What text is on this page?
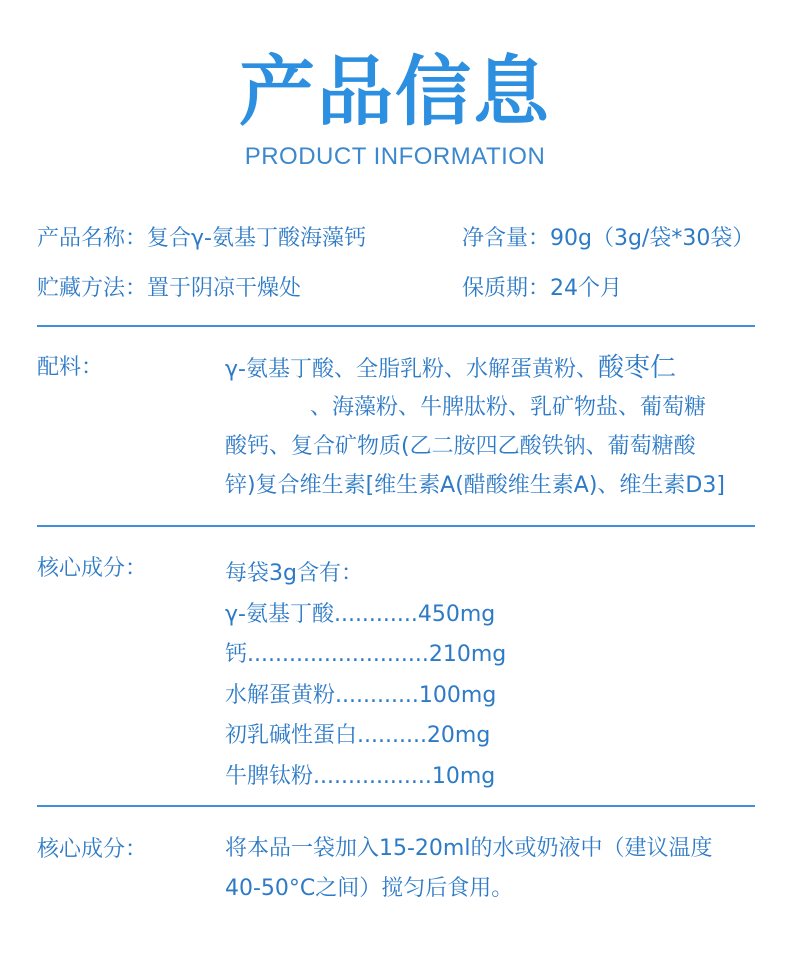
产品信息
PRODUCT INFORMATION
产品名称：复合γ-氨基丁酸海藻钙	净含量：90g（3g/袋*30袋）
贮藏方法：置于阴凉干燥处	保质期：24个月
配料：	γ-氨基丁酸、全脂乳粉、水解蛋黄粉、酸枣仁
、海藻粉、牛脾肽粉、乳矿物盐、葡萄糖
酸钙、复合矿物质(乙二胺四乙酸铁钠、葡萄糖酸
锌)复合维生素[维生素A(醋酸维生素A)、维生素D3]
核心成分：	每袋3g含有：
γ-氨基丁酸............450mg
钙..........................210mg
水解蛋黄粉............100mg
初乳碱性蛋白..........20mg
牛脾钛粉.................10mg
核心成分：	将本品一袋加入15-20ml的水或奶液中（建议温度
40-50°C之间）搅匀后食用。
